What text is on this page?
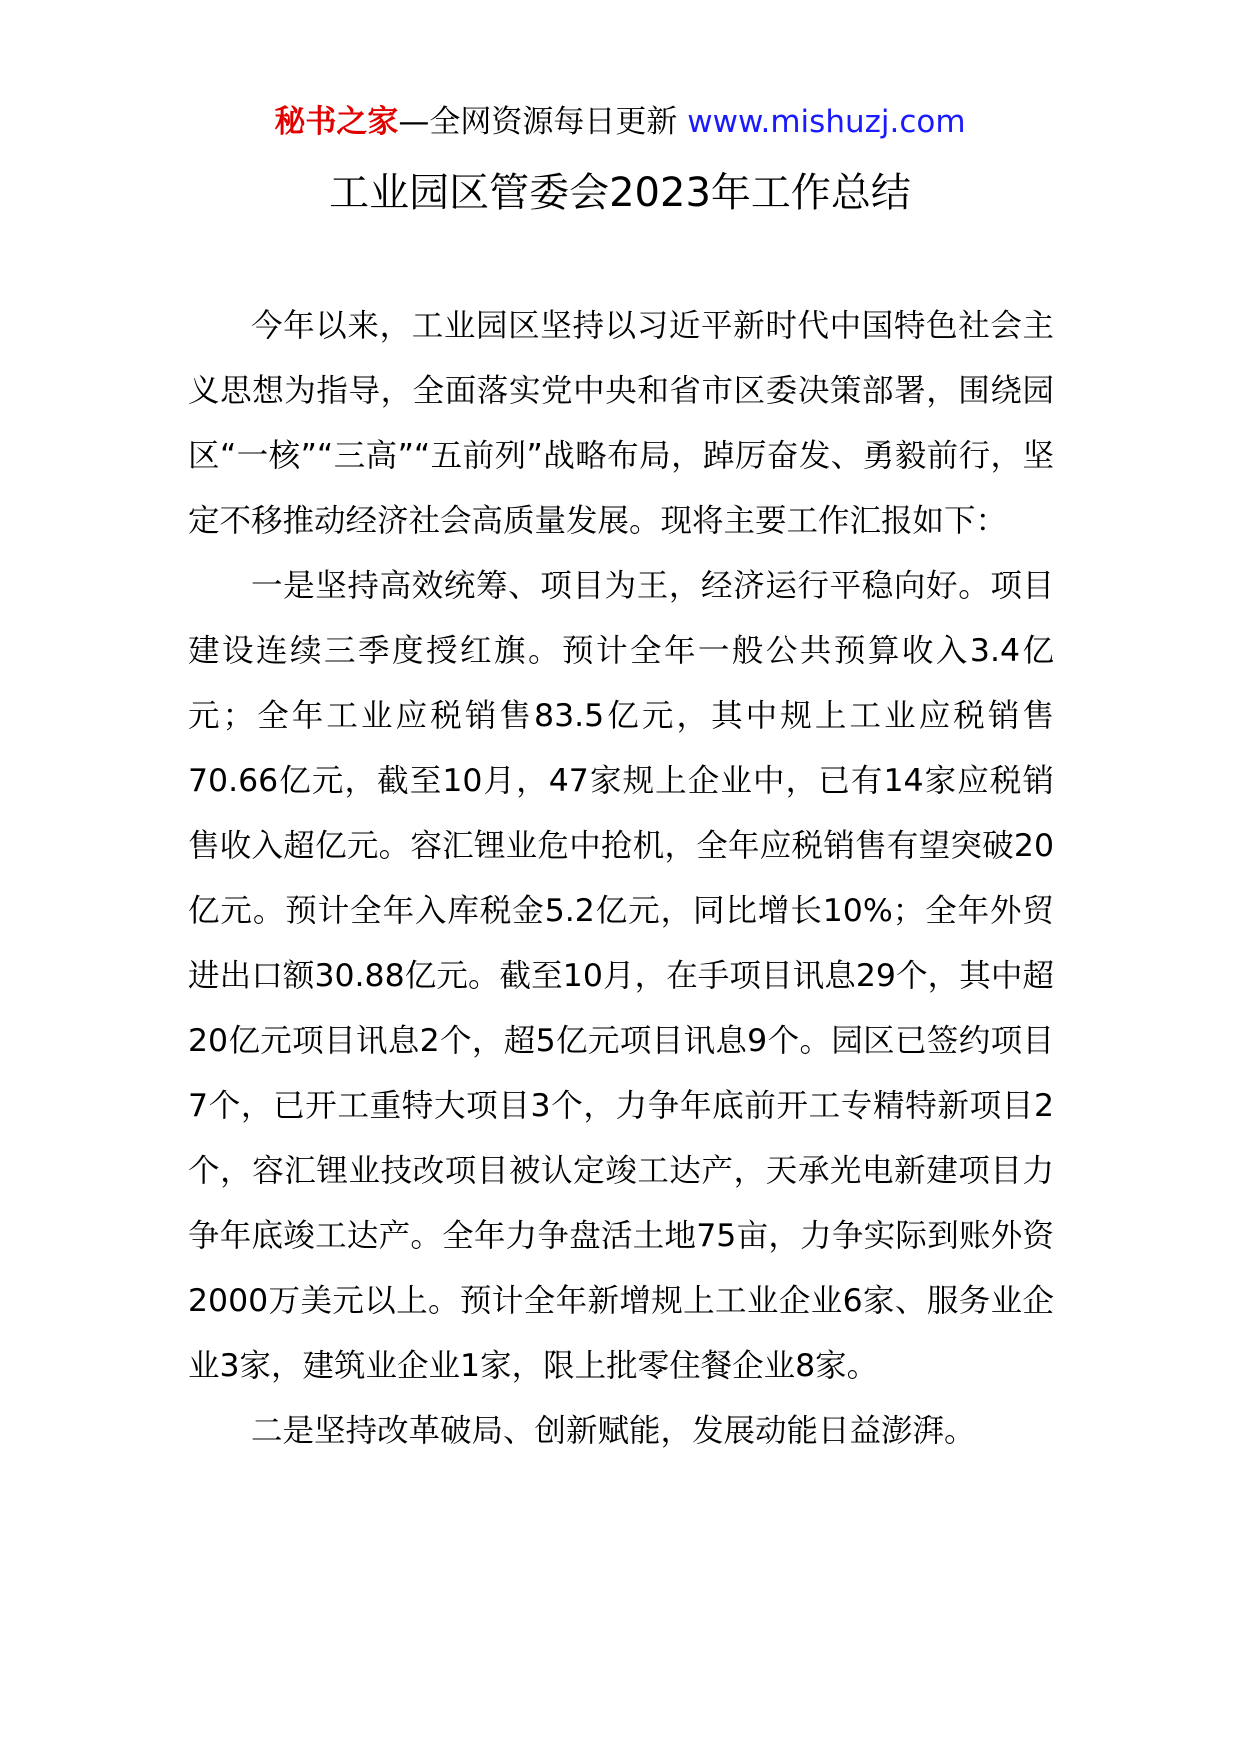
秘书之家—全网资源每日更新 www.mishuzj.com
工业园区管委会2023年工作总结

今年以来，工业园区坚持以习近平新时代中国特色社会主义思想为指导，全面落实党中央和省市区委决策部署，围绕园区“一核”“三高”“五前列”战略布局，踔厉奋发、勇毅前行，坚定不移推动经济社会高质量发展。现将主要工作汇报如下：

一是坚持高效统筹、项目为王，经济运行平稳向好。项目建设连续三季度授红旗。预计全年一般公共预算收入3.4亿元；全年工业应税销售83.5亿元，其中规上工业应税销售70.66亿元，截至10月，47家规上企业中，已有14家应税销售收入超亿元。容汇锂业危中抢机，全年应税销售有望突破20亿元。预计全年入库税金5.2亿元，同比增长10%；全年外贸进出口额30.88亿元。截至10月，在手项目讯息29个，其中超20亿元项目讯息2个，超5亿元项目讯息9个。园区已签约项目7个，已开工重特大项目3个，力争年底前开工专精特新项目2个，容汇锂业技改项目被认定竣工达产，天承光电新建项目力争年底竣工达产。全年力争盘活土地75亩，力争实际到账外资2000万美元以上。预计全年新增规上工业企业6家、服务业企业3家，建筑业企业1家，限上批零住餐企业8家。

二是坚持改革破局、创新赋能，发展动能日益澎湃。
